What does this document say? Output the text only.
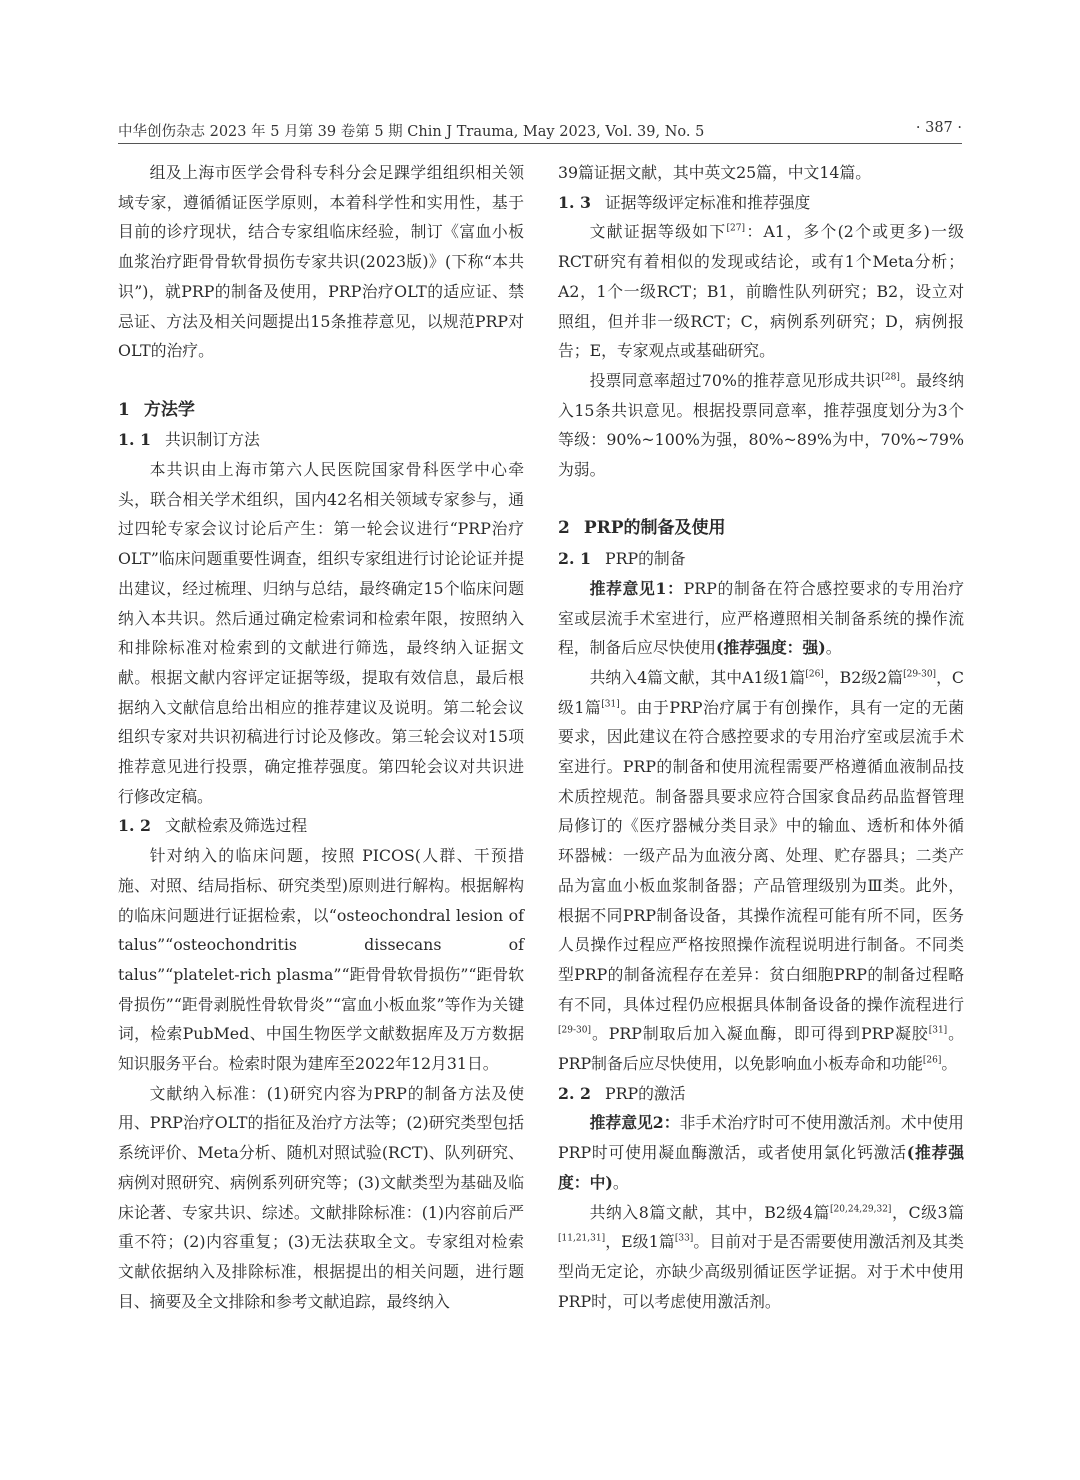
中华创伤杂志 2023 年 5 月第 39 卷第 5 期 Chin J Trauma, May 2023, Vol. 39, No. 5	· 387 ·

组及上海市医学会骨科专科分会足踝学组组织相关领域专家，遵循循证医学原则，本着科学性和实用性，基于目前的诊疗现状，结合专家组临床经验，制订《富血小板血浆治疗距骨骨软骨损伤专家共识(2023版)》(下称“本共识”)，就PRP的制备及使用，PRP治疗OLT的适应证、禁忌证、方法及相关问题提出15条推荐意见，以规范PRP对OLT的治疗。

1 方法学
1. 1 共识制订方法

本共识由上海市第六人民医院国家骨科医学中心牵头，联合相关学术组织，国内42名相关领域专家参与，通过四轮专家会议讨论后产生：第一轮会议进行“PRP治疗OLT”临床问题重要性调查，组织专家组进行讨论论证并提出建议，经过梳理、归纳与总结，最终确定15个临床问题纳入本共识。然后通过确定检索词和检索年限，按照纳入和排除标准对检索到的文献进行筛选，最终纳入证据文献。根据文献内容评定证据等级，提取有效信息，最后根据纳入文献信息给出相应的推荐建议及说明。第二轮会议组织专家对共识初稿进行讨论及修改。第三轮会议对15项推荐意见进行投票，确定推荐强度。第四轮会议对共识进行修改定稿。

1. 2 文献检索及筛选过程

针对纳入的临床问题，按照 PICOS(人群、干预措施、对照、结局指标、研究类型)原则进行解构。根据解构的临床问题进行证据检索，以“osteochondral lesion of talus”“osteochondritis dissecans of talus”“platelet-rich plasma”“距骨骨软骨损伤”“距骨软骨损伤”“距骨剥脱性骨软骨炎”“富血小板血浆”等作为关键词，检索PubMed、中国生物医学文献数据库及万方数据知识服务平台。检索时限为建库至2022年12月31日。

文献纳入标准：(1)研究内容为PRP的制备方法及使用、PRP治疗OLT的指征及治疗方法等；(2)研究类型包括系统评价、Meta分析、随机对照试验(RCT)、队列研究、病例对照研究、病例系列研究等；(3)文献类型为基础及临床论著、专家共识、综述。文献排除标准：(1)内容前后严重不符；(2)内容重复；(3)无法获取全文。专家组对检索文献依据纳入及排除标准，根据提出的相关问题，进行题目、摘要及全文排除和参考文献追踪，最终纳入

39篇证据文献，其中英文25篇，中文14篇。

1. 3 证据等级评定标准和推荐强度

文献证据等级如下[27]：A1，多个(2个或更多)一级RCT研究有着相似的发现或结论，或有1个Meta分析；A2，1个一级RCT；B1，前瞻性队列研究；B2，设立对照组，但并非一级RCT；C，病例系列研究；D，病例报告；E，专家观点或基础研究。

投票同意率超过70%的推荐意见形成共识[28]。最终纳入15条共识意见。根据投票同意率，推荐强度划分为3个等级：90%~100%为强，80%~89%为中，70%~79%为弱。

2 PRP的制备及使用
2. 1 PRP的制备

推荐意见1：PRP的制备在符合感控要求的专用治疗室或层流手术室进行，应严格遵照相关制备系统的操作流程，制备后应尽快使用(推荐强度：强)。

共纳入4篇文献，其中A1级1篇[26]，B2级2篇[29-30]，C级1篇[31]。由于PRP治疗属于有创操作，具有一定的无菌要求，因此建议在符合感控要求的专用治疗室或层流手术室进行。PRP的制备和使用流程需要严格遵循血液制品技术质控规范。制备器具要求应符合国家食品药品监督管理局修订的《医疗器械分类目录》中的输血、透析和体外循环器械：一级产品为血液分离、处理、贮存器具；二类产品为富血小板血浆制备器；产品管理级别为Ⅲ类。此外，根据不同PRP制备设备，其操作流程可能有所不同，医务人员操作过程应严格按照操作流程说明进行制备。不同类型PRP的制备流程存在差异：贫白细胞PRP的制备过程略有不同，具体过程仍应根据具体制备设备的操作流程进行[29-30]。PRP制取后加入凝血酶，即可得到PRP凝胶[31]。PRP制备后应尽快使用，以免影响血小板寿命和功能[26]。

2. 2 PRP的激活

推荐意见2：非手术治疗时可不使用激活剂。术中使用PRP时可使用凝血酶激活，或者使用氯化钙激活(推荐强度：中)。

共纳入8篇文献，其中，B2级4篇[20,24,29,32]，C级3篇[11,21,31]，E级1篇[33]。目前对于是否需要使用激活剂及其类型尚无定论，亦缺少高级别循证医学证据。对于术中使用PRP时，可以考虑使用激活剂。
